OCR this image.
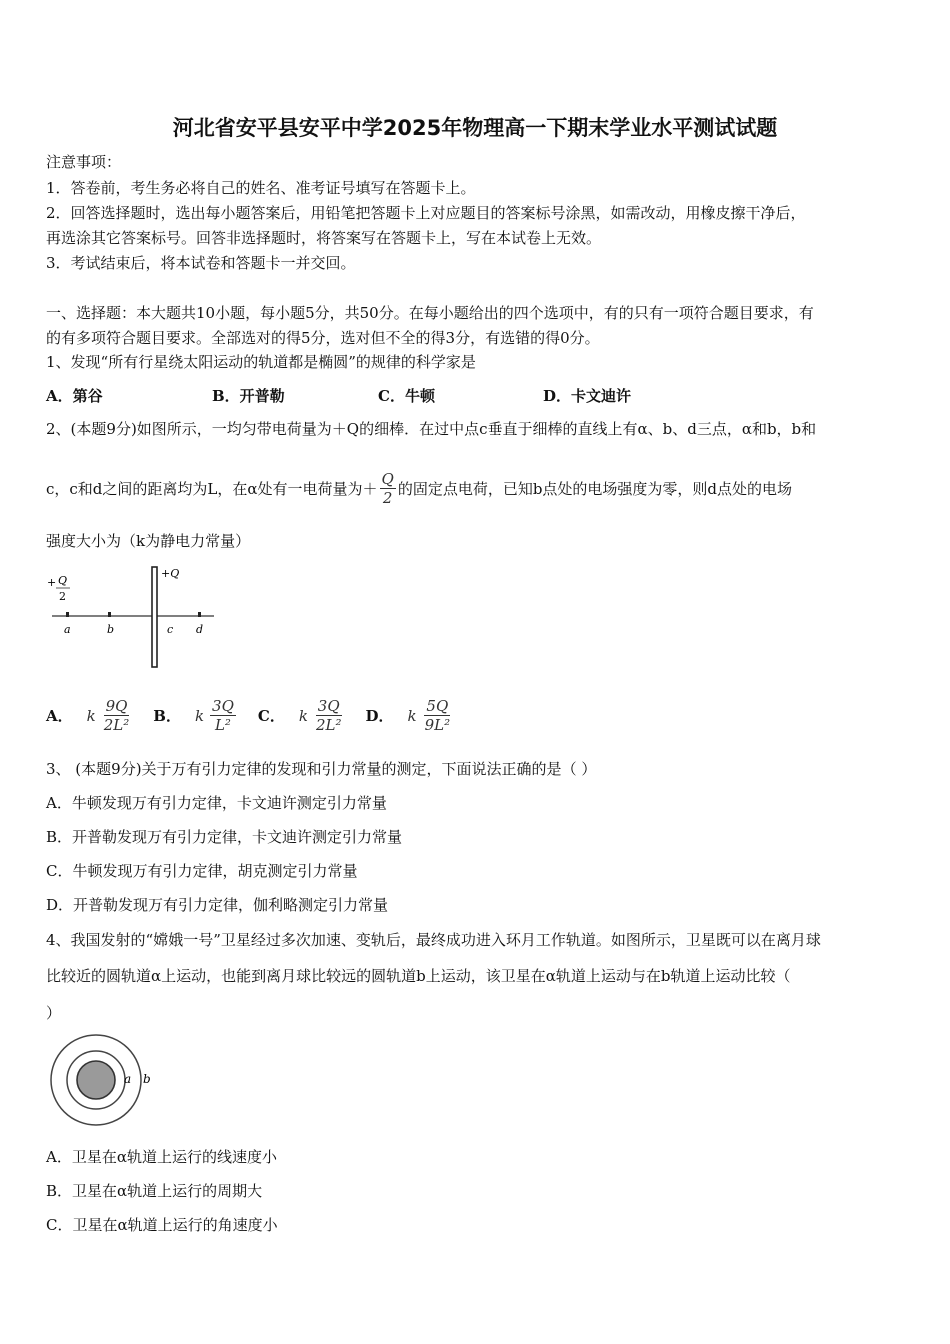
河北省安平县安平中学2025年物理高一下期末学业水平测试试题
注意事项：
1．答卷前，考生务必将自己的姓名、准考证号填写在答题卡上。
2．回答选择题时，选出每小题答案后，用铅笔把答题卡上对应题目的答案标号涂黑，如需改动，用橡皮擦干净后，
再选涂其它答案标号。回答非选择题时，将答案写在答题卡上，写在本试卷上无效。
3．考试结束后，将本试卷和答题卡一并交回。
一、选择题：本大题共10小题，每小题5分，共50分。在每小题给出的四个选项中，有的只有一项符合题目要求，有
的有多项符合题目要求。全部选对的得5分，选对但不全的得3分，有选错的得0分。
1、发现“所有行星绕太阳运动的轨道都是椭圆”的规律的科学家是
A．第谷	B．开普勒	C．牛顿	D．卡文迪许
2、(本题9分)如图所示，一均匀带电荷量为＋Q的细棒．在过中点c垂直于细棒的直线上有α、b、d三点，α和b，b和
c，c和d之间的距离均为L，在α处有一电荷量为＋ $\frac{Q}{2}$ 的固定点电荷，已知b点处的电场强度为零，则d点处的电场
强度大小为（k为静电力常量）
+ Q
2
+Q
a	b	c d
A． k $\frac{9Q}{\text{2L²}}$ B． k $\frac{3Q}{\text{L²}}$ C． k $\frac{3Q}{\text{2L²}}$ D． k $\frac{5Q}{\text{9L²}}$
3、 (本题9分)关于万有引力定律的发现和引力常量的测定，下面说法正确的是（ ）
A．牛顿发现万有引力定律，卡文迪许测定引力常量
B．开普勒发现万有引力定律，卡文迪许测定引力常量
C．牛顿发现万有引力定律，胡克测定引力常量
D．开普勒发现万有引力定律，伽利略测定引力常量
4、我国发射的“嫦娥一号”卫星经过多次加速、变轨后，最终成功进入环月工作轨道。如图所示，卫星既可以在离月球
比较近的圆轨道α上运动，也能到离月球比较远的圆轨道b上运动，该卫星在α轨道上运动与在b轨道上运动比较（
）
a b
A．卫星在α轨道上运行的线速度小
B．卫星在α轨道上运行的周期大
C．卫星在α轨道上运行的角速度小
